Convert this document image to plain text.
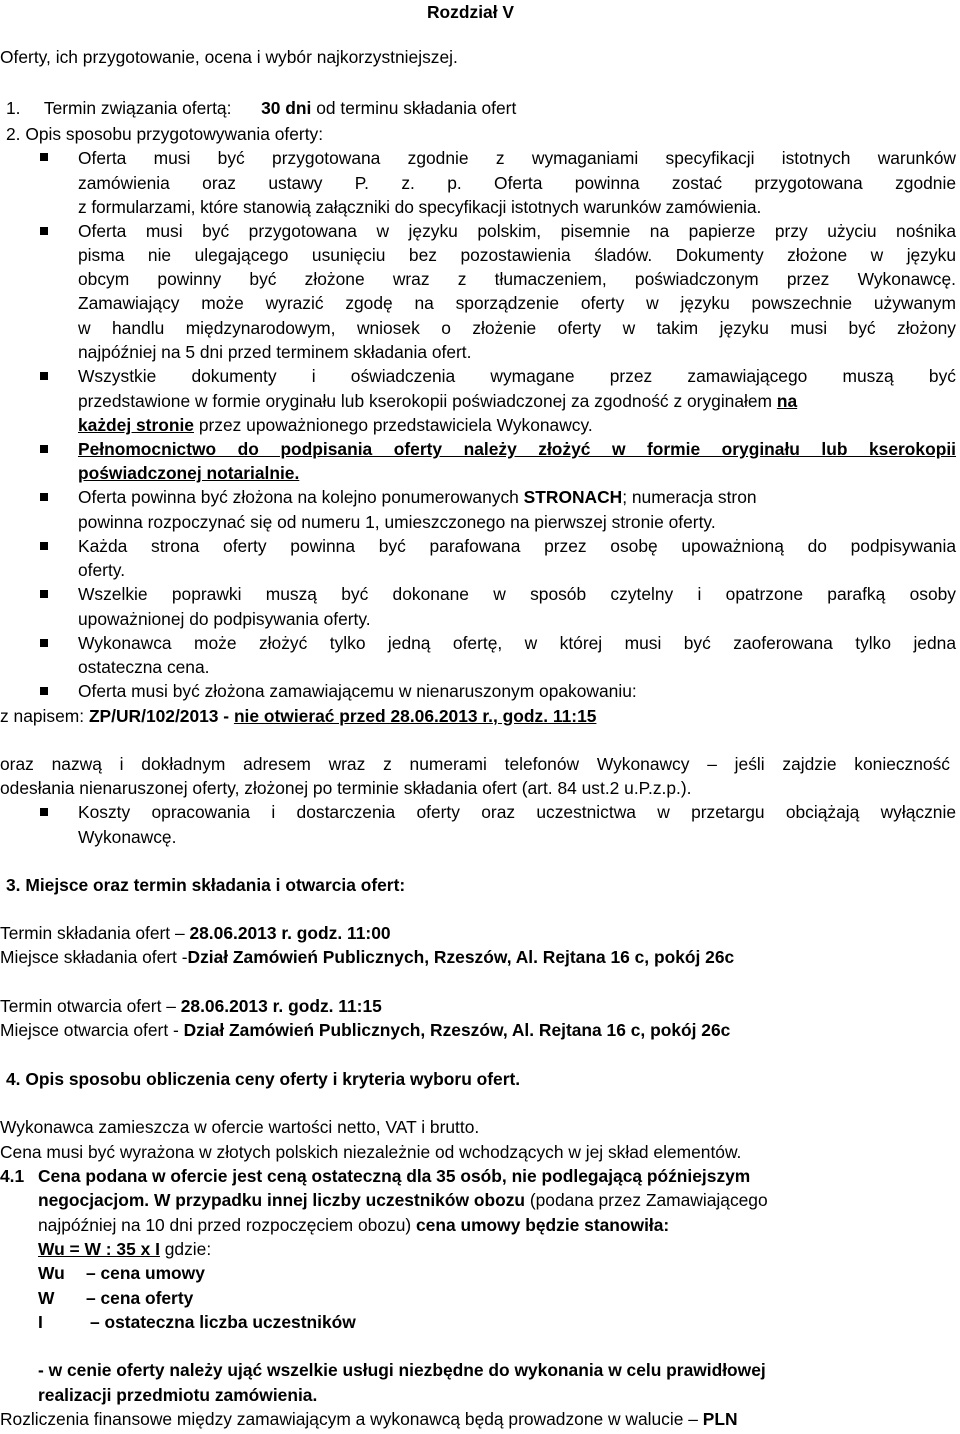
Rozdział V
Oferty, ich przygotowanie, ocena i wybór najkorzystniejszej.
1. Termin związania ofertą: 30 dni od terminu składania ofert
2. Opis sposobu przygotowywania oferty:
Oferta musi być przygotowana zgodnie z wymaganiami specyfikacji istotnych warunków
zamówienia oraz ustawy P. z. p. Oferta powinna zostać przygotowana zgodnie
z formularzami, które stanowią załączniki do specyfikacji istotnych warunków zamówienia.
Oferta musi być przygotowana w języku polskim, pisemnie na papierze przy użyciu nośnika
pisma nie ulegającego usunięciu bez pozostawienia śladów. Dokumenty złożone w języku
obcym powinny być złożone wraz z tłumaczeniem, poświadczonym przez Wykonawcę.
Zamawiający może wyrazić zgodę na sporządzenie oferty w języku powszechnie używanym
w handlu międzynarodowym, wniosek o złożenie oferty w takim języku musi być złożony
najpóźniej na 5 dni przed terminem składania ofert.
Wszystkie dokumenty i oświadczenia wymagane przez zamawiającego muszą być
przedstawione w formie oryginału lub kserokopii poświadczonej za zgodność z oryginałem na
każdej stronie przez upoważnionego przedstawiciela Wykonawcy.
Pełnomocnictwo do podpisania oferty należy złożyć w formie oryginału lub kserokopii
poświadczonej notarialnie.
Oferta powinna być złożona na kolejno ponumerowanych STRONACH; numeracja stron
powinna rozpoczynać się od numeru 1, umieszczonego na pierwszej stronie oferty.
Każda strona oferty powinna być parafowana przez osobę upoważnioną do podpisywania
oferty.
Wszelkie poprawki muszą być dokonane w sposób czytelny i opatrzone parafką osoby
upoważnionej do podpisywania oferty.
Wykonawca może złożyć tylko jedną ofertę, w której musi być zaoferowana tylko jedna
ostateczna cena.
Oferta musi być złożona zamawiającemu w nienaruszonym opakowaniu:
z napisem: ZP/UR/102/2013 - nie otwierać przed 28.06.2013 r., godz. 11:15
oraz nazwą i dokładnym adresem wraz z numerami telefonów Wykonawcy – jeśli zajdzie konieczność
odesłania nienaruszonej oferty, złożonej po terminie składania ofert (art. 84 ust.2 u.P.z.p.).
Koszty opracowania i dostarczenia oferty oraz uczestnictwa w przetargu obciążają wyłącznie
Wykonawcę.
3. Miejsce oraz termin składania i otwarcia ofert:
Termin składania ofert – 28.06.2013 r. godz. 11:00
Miejsce składania ofert -Dział Zamówień Publicznych, Rzeszów, Al. Rejtana 16 c, pokój 26c
Termin otwarcia ofert – 28.06.2013 r. godz. 11:15
Miejsce otwarcia ofert - Dział Zamówień Publicznych, Rzeszów, Al. Rejtana 16 c, pokój 26c
4. Opis sposobu obliczenia ceny oferty i kryteria wyboru ofert.
Wykonawca zamieszcza w ofercie wartości netto, VAT i brutto.
Cena musi być wyrażona w złotych polskich niezależnie od wchodzących w jej skład elementów.
4.1 Cena podana w ofercie jest ceną ostateczną dla 35 osób, nie podlegającą późniejszym
negocjacjom. W przypadku innej liczby uczestników obozu (podana przez Zamawiającego
najpóźniej na 10 dni przed rozpoczęciem obozu) cena umowy będzie stanowiła:
Wu = W : 35 x I gdzie:
Wu – cena umowy
W – cena oferty
I	– ostateczna liczba uczestników
- w cenie oferty należy ująć wszelkie usługi niezbędne do wykonania w celu prawidłowej
realizacji przedmiotu zamówienia.
Rozliczenia finansowe między zamawiającym a wykonawcą będą prowadzone w walucie – PLN
